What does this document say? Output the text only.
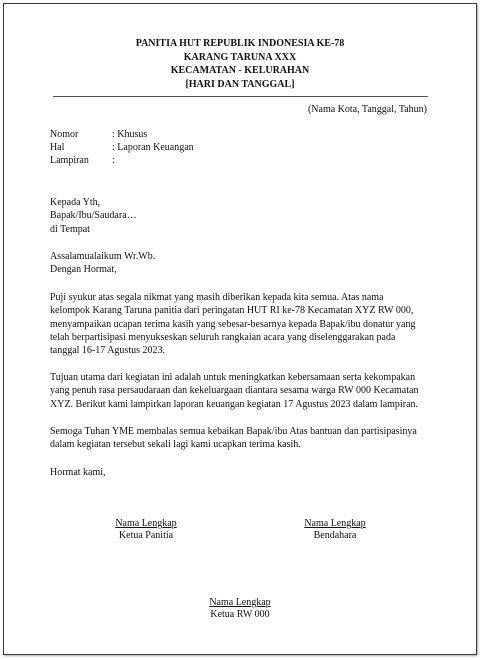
PANITIA HUT REPUBLIK INDONESIA KE-78
KARANG TARUNA XXX
KECAMATAN - KELURAHAN
[HARI DAN TANGGAL]
(Nama Kota, Tanggal, Tahun)
Nomor	: Khusus
Hal	: Laporan Keuangan
Lampiran	:
Kepada Yth,
Bapak/Ibu/Saudara…
di Tempat
Assalamualaikum Wr.Wb.
Dengan Hormat,

Puji syukur atas segala nikmat yang masih diberikan kepada kita semua. Atas nama

kelompok Karang Taruna panitia dari peringatan HUT RI ke-78 Kecamatan XYZ RW 000,

menyampaikan ucapan terima kasih yang sebesar-besarnya kepada Bapak/ibu donatur yang

telah berpartisipasi menyukseskan seluruh rangkaian acara yang diselenggarakan pada

tanggal 16-17 Agustus 2023.

Tujuan utama dari kegiatan ini adalah untuk meningkatkan kebersamaan serta kekompakan

yang penuh rasa persaudaraan dan kekeluargaan diantara sesama warga RW 000 Kecamatan

XYZ. Berikut kami lampirkan laporan keuangan kegiatan 17 Agustus 2023 dalam lampiran.

Semoga Tuhan YME membalas semua kebaikan Bapak/ibu Atas bantuan dan partisipasinya

dalam kegiatan tersebut sekali lagi kami ucapkan terima kasih.

Hormat kami,
Nama Lengkap
Ketua Panitia
Nama Lengkap
Bendahara
Nama Lengkap
Ketua RW 000
